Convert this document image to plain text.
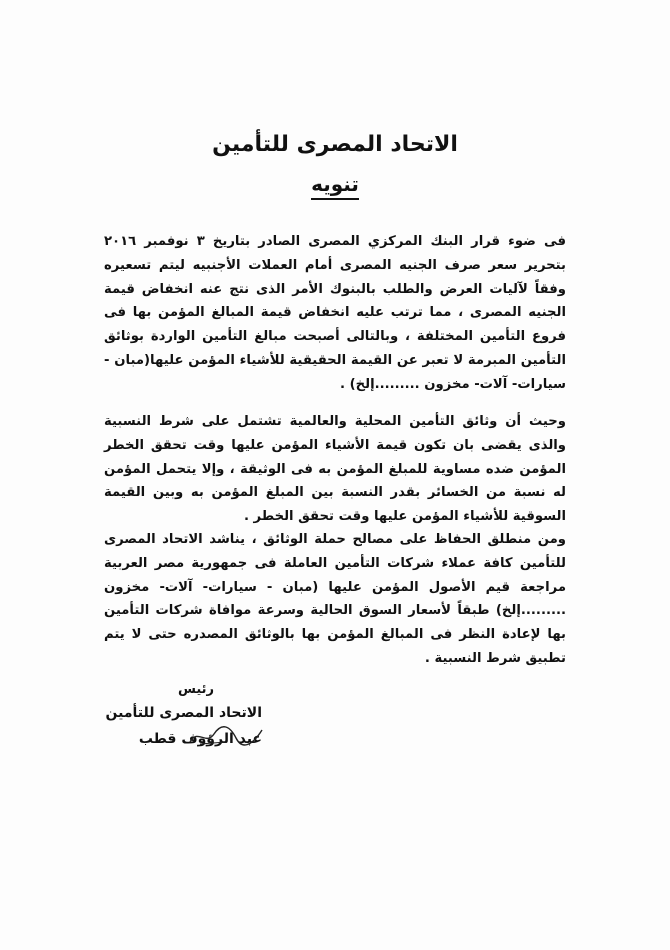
الاتحاد المصرى للتأمين
تنويه

فى ضوء قرار البنك المركزي المصرى الصادر بتاريخ ٣ نوفمبر ٢٠١٦ بتحرير سعر صرف الجنيه المصرى أمام العملات الأجنبيه ليتم تسعيره وفقاً لآليات العرض والطلب بالبنوك الأمر الذى نتج عنه انخفاض قيمة الجنيه المصرى ، مما ترتب عليه انخفاض قيمة المبالغ المؤمن بها فى فروع التأمين المختلفة ، وبالتالى أصبحت مبالغ التأمين الواردة بوثائق التأمين المبرمة لا تعبر عن القيمة الحقيقية للأشياء المؤمن عليها(مبان - سيارات- آلات- مخزون .........إلخ) .

وحيث أن وثائق التأمين المحلية والعالمية تشتمل على شرط النسبية والذى يقضى بان تكون قيمة الأشياء المؤمن عليها وقت تحقق الخطر المؤمن ضده مساوية للمبلغ المؤمن به فى الوثيقة ، وإلا يتحمل المؤمن له نسبة من الخسائر بقدر النسبة بين المبلغ المؤمن به وبين القيمة السوقية للأشياء المؤمن عليها وقت تحقق الخطر .

ومن منطلق الحفاظ على مصالح حملة الوثائق ، يناشد الاتحاد المصرى للتأمين كافة عملاء شركات التأمين العاملة فى جمهورية مصر العربية مراجعة قيم الأصول المؤمن عليها (مبان - سيارات- آلات- مخزون .........إلخ) طبقاً لأسعار السوق الحالية وسرعة موافاة شركات التأمين بها لإعادة النظر فى المبالغ المؤمن بها بالوثائق المصدره حتى لا يتم تطبيق شرط النسبية .

رئيس
الاتحاد المصرى للتأمين
عبد الرؤوف قطب
